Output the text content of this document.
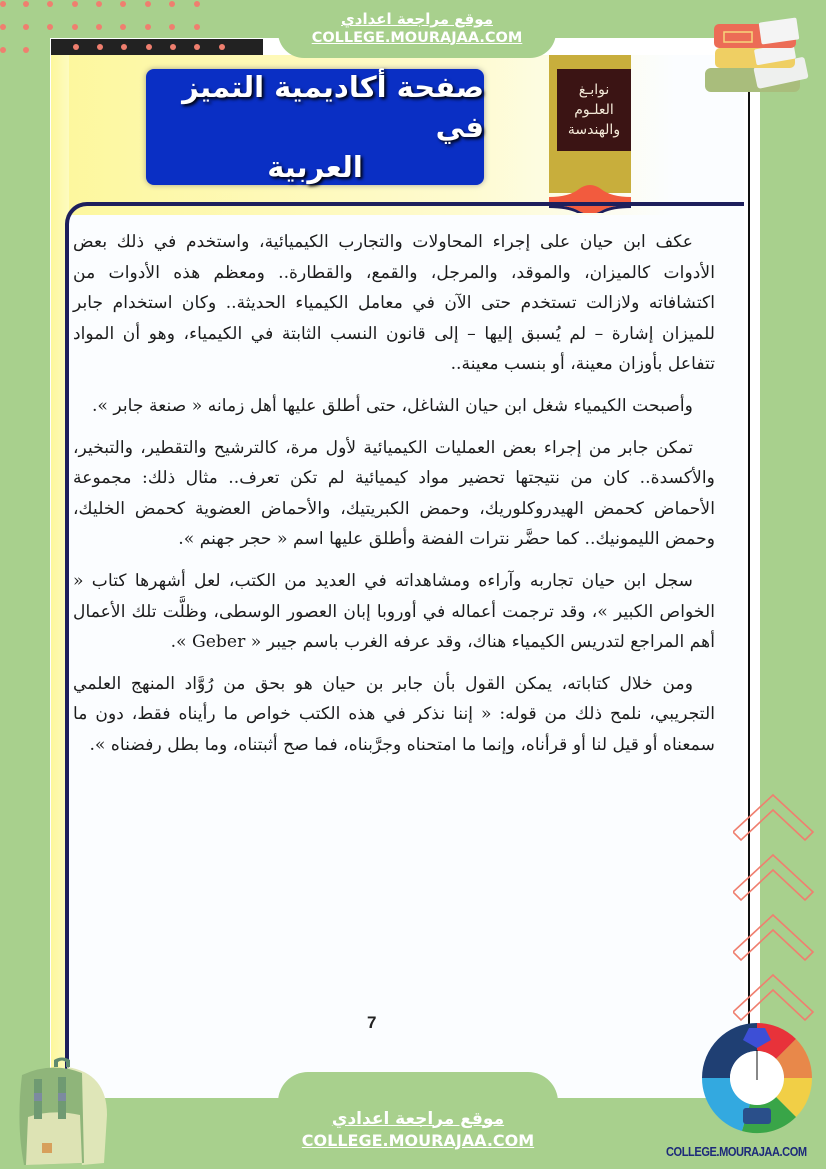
صفحة أكاديمية التميز في
العربية
نوابـغ
العلـوم
والهندسة

عكف ابن حيان على إجراء المحاولات والتجارب الكيميائية، واستخدم في ذلك بعض الأدوات كالميزان، والموقد، والمرجل، والقمع، والقطارة.. ومعظم هذه الأدوات من اكتشافاته ولازالت تستخدم حتى الآن في معامل الكيمياء الحديثة.. وكان استخدام جابر للميزان إشارة – لم يُسبق إليها – إلى قانون النسب الثابتة في الكيمياء، وهو أن المواد تتفاعل بأوزان معينة، أو بنسب معينة..

وأصبحت الكيمياء شغل ابن حيان الشاغل، حتى أطلق عليها أهل زمانه « صنعة جابر ».

تمكن جابر من إجراء بعض العمليات الكيميائية لأول مرة، كالترشيح والتقطير، والتبخير، والأكسدة.. كان من نتيجتها تحضير مواد كيميائية لم تكن تعرف.. مثال ذلك: مجموعة الأحماض كحمض الهيدروكلوريك، وحمض الكبريتيك، والأحماض العضوية كحمض الخليك، وحمض الليمونيك.. كما حضَّر نترات الفضة وأطلق عليها اسم « حجر جهنم ».

سجل ابن حيان تجاربه وآراءه ومشاهداته في العديد من الكتب، لعل أشهرها كتاب « الخواص الكبير »، وقد ترجمت أعماله في أوروبا إبان العصور الوسطى، وظلَّت تلك الأعمال أهم المراجع لتدريس الكيمياء هناك، وقد عرفه الغرب باسم جيبر « Geber ».

ومن خلال كتاباته، يمكن القول بأن جابر بن حيان هو بحق من رُوَّاد المنهج العلمي التجريبي، نلمح ذلك من قوله: « إننا نذكر في هذه الكتب خواص ما رأيناه فقط، دون ما سمعناه أو قيل لنا أو قرأناه، وإنما ما امتحناه وجرَّبناه، فما صح أثبتناه، وما بطل رفضناه ».

7
موقع مراجعة اعدادي
COLLEGE.MOURAJAA.COM
موقع مراجعة اعدادي
COLLEGE.MOURAJAA.COM
COLLEGE.MOURAJAA.COM
